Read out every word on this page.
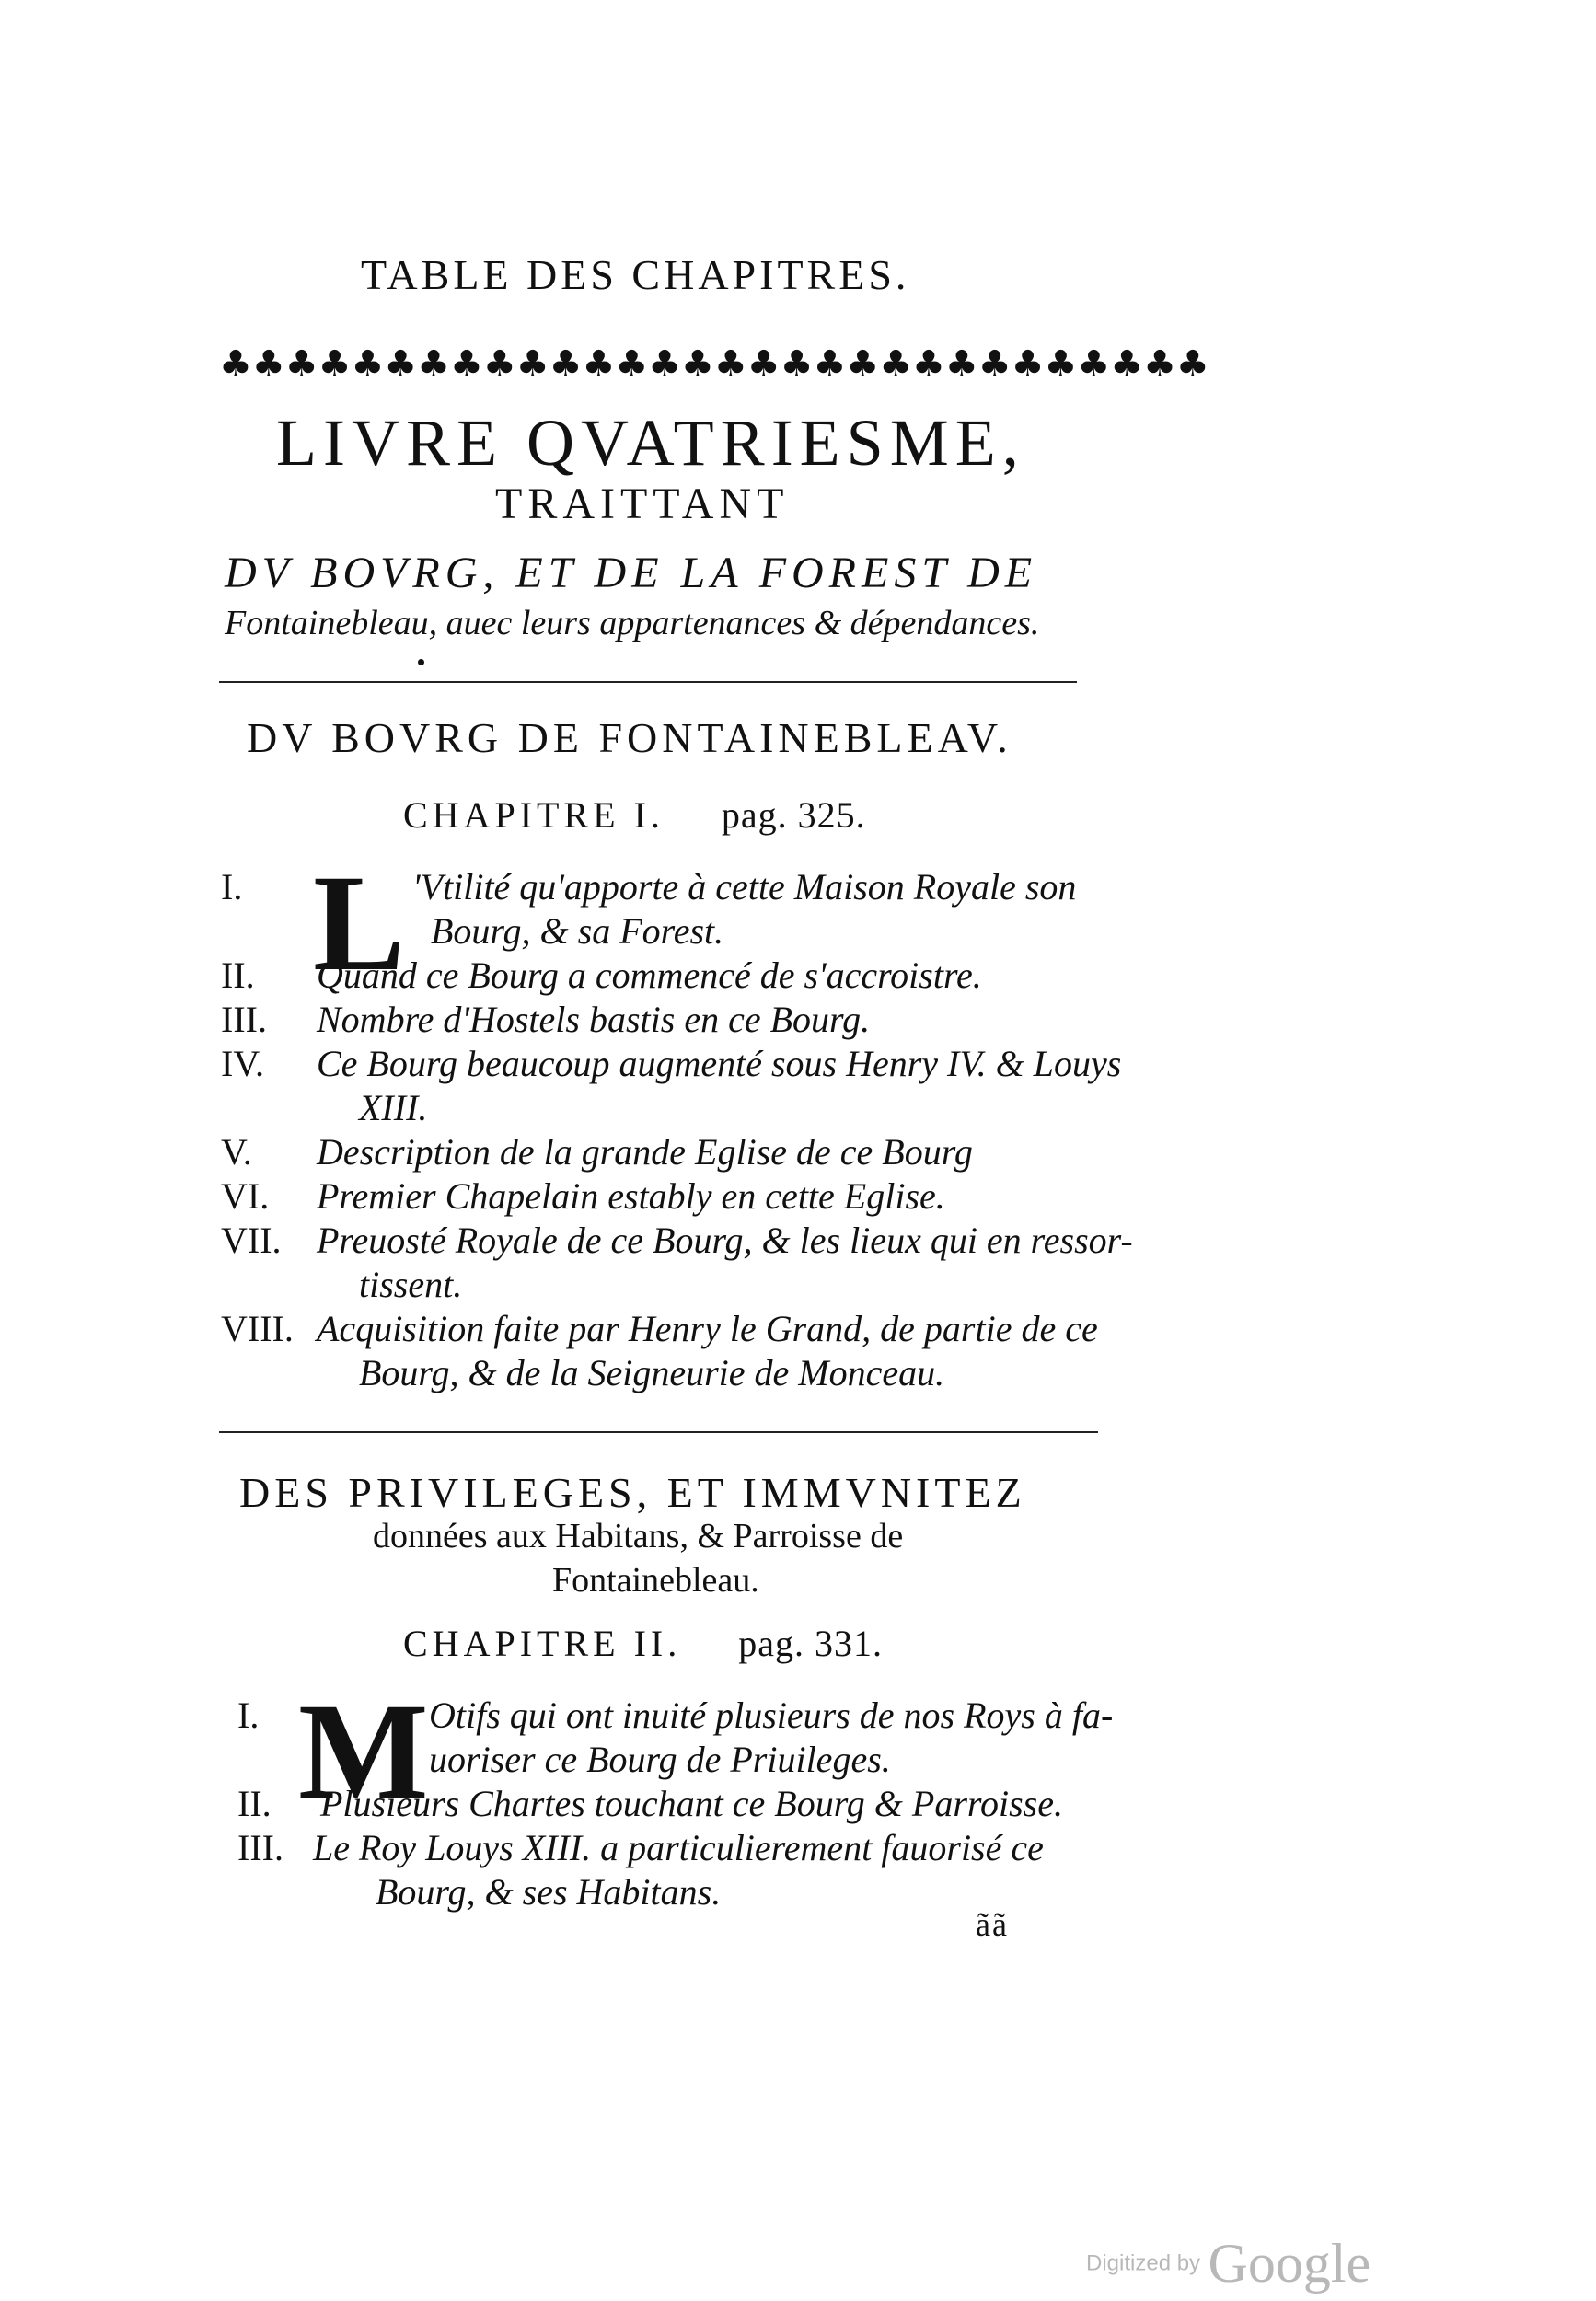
TABLE DES CHAPITRES.
♣ ♣ ♣ ♣ ♣ ♣ ♣ ♣ ♣ ♣ ♣ ♣ ♣ ♣ ♣ ♣ ♣ ♣ ♣ ♣ ♣ ♣ ♣ ♣ ♣ ♣ ♣ ♣ ♣ ♣
LIVRE QVATRIESME,
TRAITTANT
DV BOVRG, ET DE LA FOREST DE
Fontainebleau, auec leurs appartenances & dépendances.
DV BOVRG DE FONTAINEBLEAV.
CHAPITRE I. pag. 325.
I. L 'Vtilité qu'apporte à cette Maison Royale son
Bourg, & sa Forest.
II. Quand ce Bourg a commencé de s'accroistre.
III. Nombre d'Hostels bastis en ce Bourg.
IV. Ce Bourg beaucoup augmenté sous Henry IV. & Louys
XIII.
V. Description de la grande Eglise de ce Bourg
VI. Premier Chapelain estably en cette Eglise.
VII. Preuosté Royale de ce Bourg, & les lieux qui en ressor-
tissent.
VIII. Acquisition faite par Henry le Grand, de partie de ce
Bourg, & de la Seigneurie de Monceau.
DES PRIVILEGES, ET IMMVNITEZ
données aux Habitans, & Parroisse de
Fontainebleau.
CHAPITRE II. pag. 331.
I. M Otifs qui ont inuité plusieurs de nos Roys à fa-
uoriser ce Bourg de Priuileges.
II. Plusieurs Chartes touchant ce Bourg & Parroisse.
III. Le Roy Louys XIII. a particulierement fauorisé ce
Bourg, & ses Habitans.
ãã
Digitized by Google
